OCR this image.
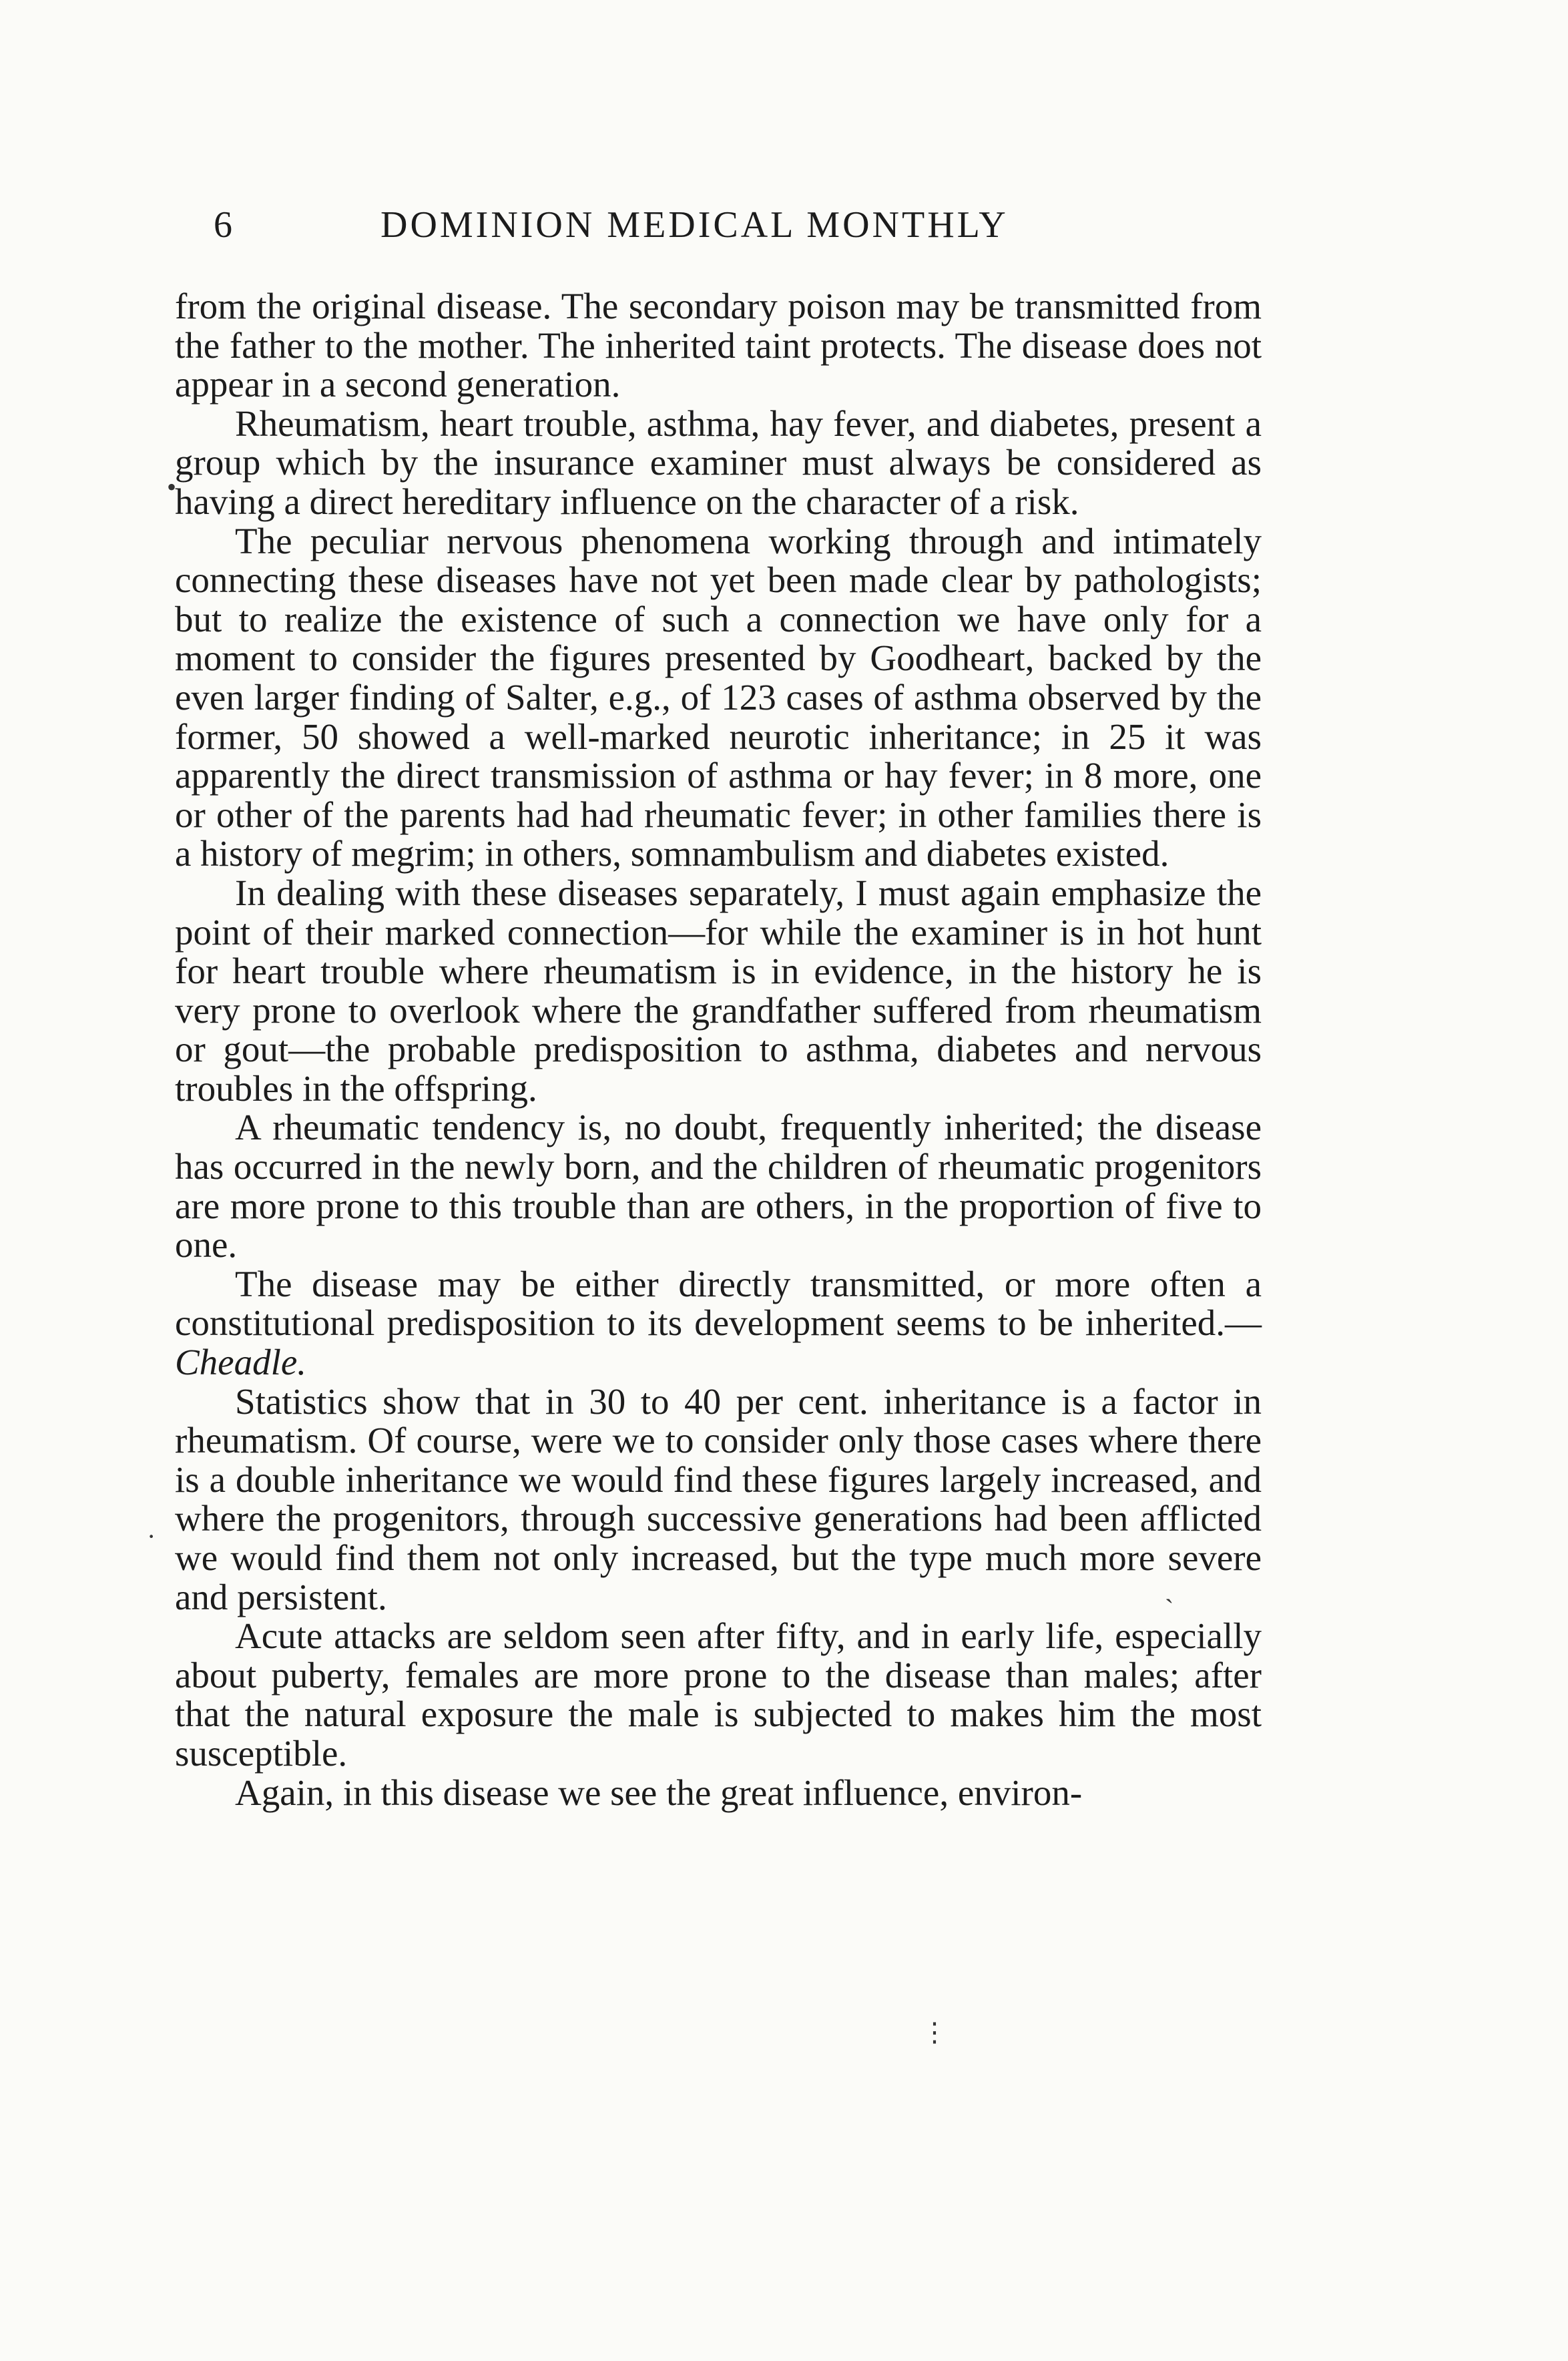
6	DOMINION MEDICAL MONTHLY

from the original disease. The secondary poison may be transmitted from the father to the mother. The inherited taint protects. The disease does not appear in a second generation.

Rheumatism, heart trouble, asthma, hay fever, and diabetes, present a group which by the insurance examiner must always be considered as having a direct hereditary influence on the character of a risk.

The peculiar nervous phenomena working through and intimately connecting these diseases have not yet been made clear by pathologists; but to realize the existence of such a connection we have only for a moment to consider the figures presented by Goodheart, backed by the even larger finding of Salter, e.g., of 123 cases of asthma observed by the former, 50 showed a well-marked neurotic inheritance; in 25 it was apparently the direct transmission of asthma or hay fever; in 8 more, one or other of the parents had had rheumatic fever; in other families there is a history of megrim; in others, somnambulism and diabetes existed.

In dealing with these diseases separately, I must again emphasize the point of their marked connection—for while the examiner is in hot hunt for heart trouble where rheumatism is in evidence, in the history he is very prone to overlook where the grandfather suffered from rheumatism or gout—the probable predisposition to asthma, diabetes and nervous troubles in the offspring.

A rheumatic tendency is, no doubt, frequently inherited; the disease has occurred in the newly born, and the children of rheumatic progenitors are more prone to this trouble than are others, in the proportion of five to one.

The disease may be either directly transmitted, or more often a constitutional predisposition to its development seems to be inherited.—Cheadle.

Statistics show that in 30 to 40 per cent. inheritance is a factor in rheumatism. Of course, were we to consider only those cases where there is a double inheritance we would find these figures largely increased, and where the progenitors, through successive generations had been afflicted we would find them not only increased, but the type much more severe and persistent.

Acute attacks are seldom seen after fifty, and in early life, especially about puberty, females are more prone to the disease than males; after that the natural exposure the male is subjected to makes him the most susceptible.

Again, in this disease we see the great influence, environ-

•
·
ˏ
⋮
